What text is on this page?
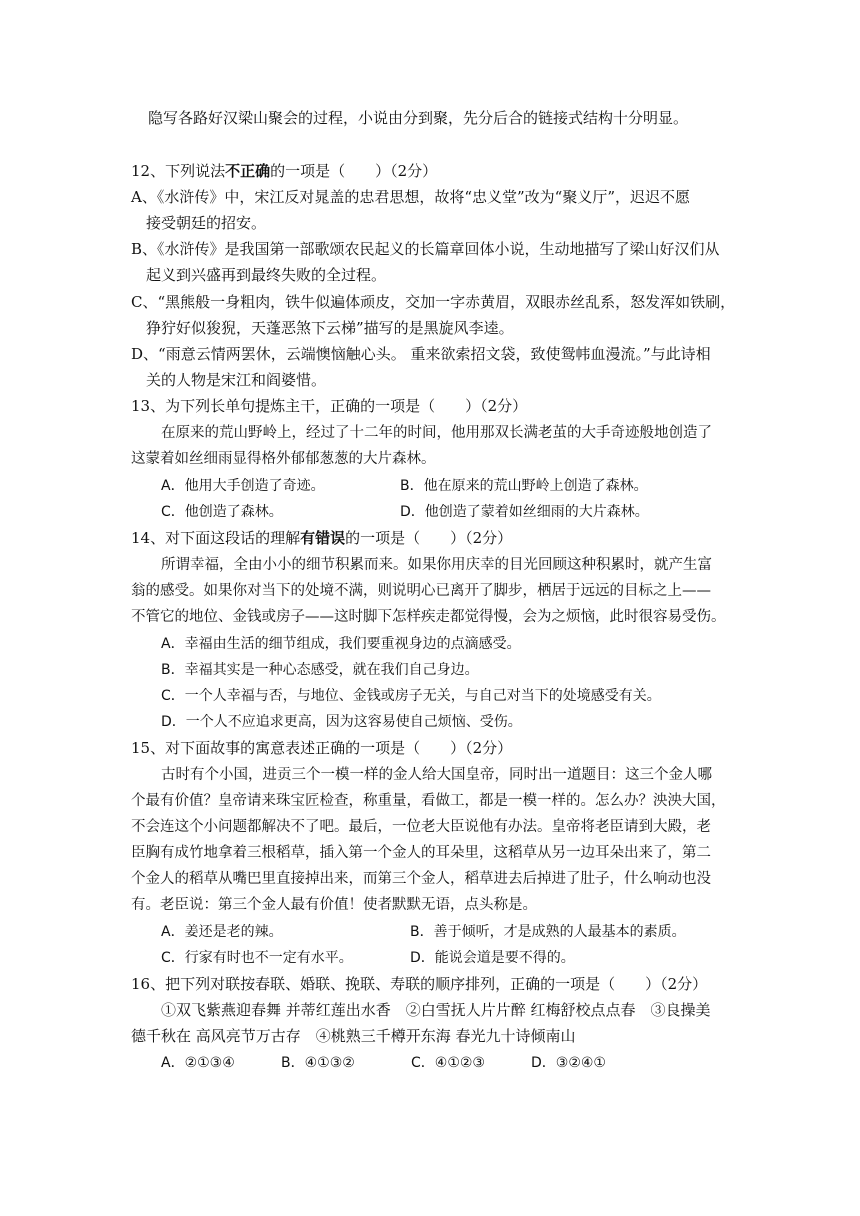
隐写各路好汉梁山聚会的过程，小说由分到聚，先分后合的链接式结构十分明显。
12、下列说法不正确的一项是（　　）（2分）
A、《水浒传》中，宋江反对晁盖的忠君思想，故将“忠义堂”改为“聚义厅”，迟迟不愿
接受朝廷的招安。
B、《水浒传》是我国第一部歌颂农民起义的长篇章回体小说，生动地描写了梁山好汉们从
起义到兴盛再到最终失败的全过程。
C、“黑熊般一身粗肉，铁牛似遍体顽皮，交加一字赤黄眉，双眼赤丝乱系，怒发浑如铁刷，
狰狞好似狻猊，天蓬恶煞下云梯”描写的是黑旋风李逵。
D、“雨意云情两罢休，云端懊恼触心头。 重来欲索招文袋，致使鸳帏血漫流。”与此诗相
关的人物是宋江和阎婆惜。
13、为下列长单句提炼主干，正确的一项是（　　）（2分）
在原来的荒山野岭上，经过了十二年的时间，他用那双长满老茧的大手奇迹般地创造了
这蒙着如丝细雨显得格外郁郁葱葱的大片森林。
A．他用大手创造了奇迹。	B．他在原来的荒山野岭上创造了森林。
C．他创造了森林。	D．他创造了蒙着如丝细雨的大片森林。
14、对下面这段话的理解有错误的一项是（　　）（2分）
所谓幸福，全由小小的细节积累而来。如果你用庆幸的目光回顾这种积累时，就产生富
翁的感受。如果你对当下的处境不满，则说明心已离开了脚步，栖居于远远的目标之上——
不管它的地位、金钱或房子——这时脚下怎样疾走都觉得慢，会为之烦恼，此时很容易受伤。
A．幸福由生活的细节组成，我们要重视身边的点滴感受。
B．幸福其实是一种心态感受，就在我们自己身边。
C．一个人幸福与否，与地位、金钱或房子无关，与自己对当下的处境感受有关。
D．一个人不应追求更高，因为这容易使自己烦恼、受伤。
15、对下面故事的寓意表述正确的一项是（　　）（2分）
古时有个小国，进贡三个一模一样的金人给大国皇帝，同时出一道题目：这三个金人哪
个最有价值？皇帝请来珠宝匠检查，称重量，看做工，都是一模一样的。怎么办？泱泱大国，
不会连这个小问题都解决不了吧。最后，一位老大臣说他有办法。皇帝将老臣请到大殿，老
臣胸有成竹地拿着三根稻草，插入第一个金人的耳朵里，这稻草从另一边耳朵出来了，第二
个金人的稻草从嘴巴里直接掉出来，而第三个金人，稻草进去后掉进了肚子，什么响动也没
有。老臣说：第三个金人最有价值！使者默默无语，点头称是。
A．姜还是老的辣。	B．善于倾听，才是成熟的人最基本的素质。
C．行家有时也不一定有水平。	D．能说会道是要不得的。
16、把下列对联按春联、婚联、挽联、寿联的顺序排列，正确的一项是（　　）（2分）
①双飞紫燕迎春舞 并蒂红莲出水香　②白雪抚人片片醉 红梅舒校点点春　③良操美
德千秋在 高风亮节万古存　④桃熟三千樽开东海 春光九十诗倾南山
A．②①③④	B．④①③②	C．④①②③	D．③②④①
